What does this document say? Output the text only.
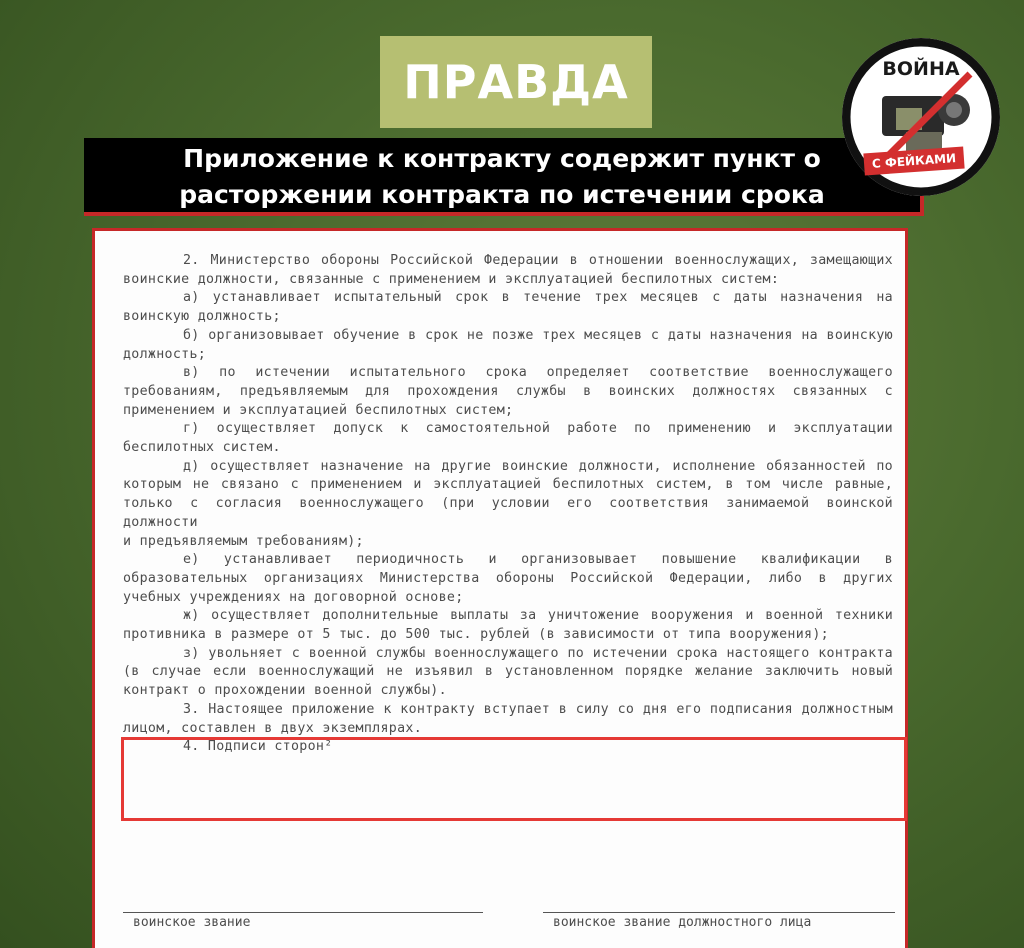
ПРАВДА
Приложение к контракту содержит пункт о
расторжении контракта по истечении срока
ВОЙНА
С ФЕЙКАМИ

2. Министерство обороны Российской Федерации в отношении военнослужащих, замещающих воинские должности, связанные с применением и эксплуатацией беспилотных систем:

а) устанавливает испытательный срок в течение трех месяцев с даты назначения на воинскую должность;

б) организовывает обучение в срок не позже трех месяцев с даты назначения на воинскую должность;

в) по истечении испытательного срока определяет соответствие военнослужащего требованиям, предъявляемым для прохождения службы в воинских должностях связанных с применением и эксплуатацией беспилотных систем;

г) осуществляет допуск к самостоятельной работе по применению и эксплуатации беспилотных систем.

д) осуществляет назначение на другие воинские должности, исполнение обязанностей по которым не связано с применением и эксплуатацией беспилотных систем, в том числе равные, только с согласия военнослужащего (при условии его соответствия занимаемой воинской должности

и предъявляемым требованиям);

е) устанавливает периодичность и организовывает повышение квалификации в образовательных организациях Министерства обороны Российской Федерации, либо в других учебных учреждениях на договорной основе;

ж) осуществляет дополнительные выплаты за уничтожение вооружения и военной техники противника в размере от 5 тыс. до 500 тыс. рублей (в зависимости от типа вооружения);

з) увольняет с военной службы военнослужащего по истечении срока настоящего контракта (в случае если военнослужащий не изъявил в установленном порядке желание заключить новый контракт о прохождении военной службы).

3. Настоящее приложение к контракту вступает в силу со дня его подписания должностным лицом, составлен в двух экземплярах.

4. Подписи сторон²

воинское звание	воинское звание должностного лица
